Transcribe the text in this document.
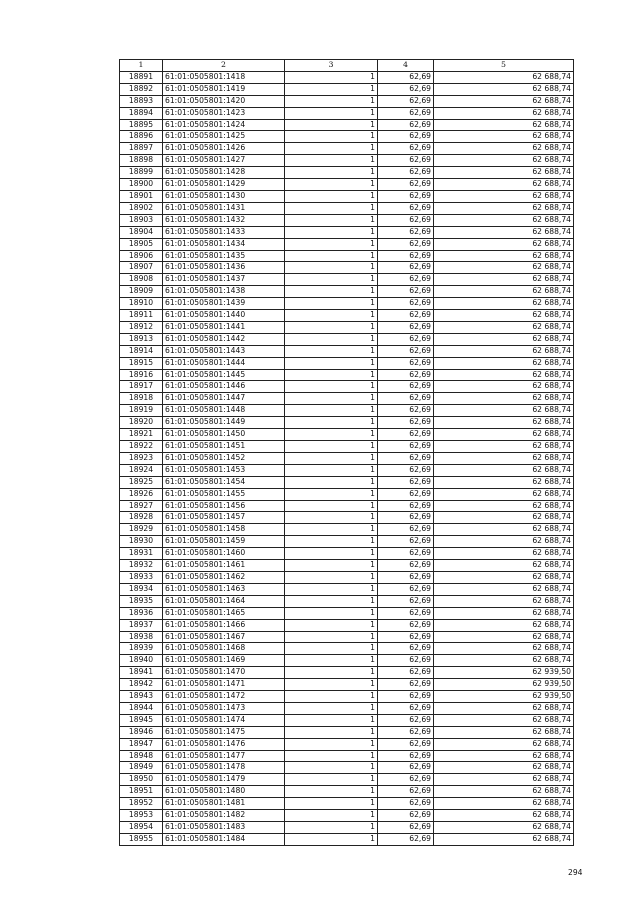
1	2	3	4	5
18891	61:01:0505801:1418	1	62,69	62 688,74
18892	61:01:0505801:1419	1	62,69	62 688,74
18893	61:01:0505801:1420	1	62,69	62 688,74
18894	61:01:0505801:1423	1	62,69	62 688,74
18895	61:01:0505801:1424	1	62,69	62 688,74
18896	61:01:0505801:1425	1	62,69	62 688,74
18897	61:01:0505801:1426	1	62,69	62 688,74
18898	61:01:0505801:1427	1	62,69	62 688,74
18899	61:01:0505801:1428	1	62,69	62 688,74
18900	61:01:0505801:1429	1	62,69	62 688,74
18901	61:01:0505801:1430	1	62,69	62 688,74
18902	61:01:0505801:1431	1	62,69	62 688,74
18903	61:01:0505801:1432	1	62,69	62 688,74
18904	61:01:0505801:1433	1	62,69	62 688,74
18905	61:01:0505801:1434	1	62,69	62 688,74
18906	61:01:0505801:1435	1	62,69	62 688,74
18907	61:01:0505801:1436	1	62,69	62 688,74
18908	61:01:0505801:1437	1	62,69	62 688,74
18909	61:01:0505801:1438	1	62,69	62 688,74
18910	61:01:0505801:1439	1	62,69	62 688,74
18911	61:01:0505801:1440	1	62,69	62 688,74
18912	61:01:0505801:1441	1	62,69	62 688,74
18913	61:01:0505801:1442	1	62,69	62 688,74
18914	61:01:0505801:1443	1	62,69	62 688,74
18915	61:01:0505801:1444	1	62,69	62 688,74
18916	61:01:0505801:1445	1	62,69	62 688,74
18917	61:01:0505801:1446	1	62,69	62 688,74
18918	61:01:0505801:1447	1	62,69	62 688,74
18919	61:01:0505801:1448	1	62,69	62 688,74
18920	61:01:0505801:1449	1	62,69	62 688,74
18921	61:01:0505801:1450	1	62,69	62 688,74
18922	61:01:0505801:1451	1	62,69	62 688,74
18923	61:01:0505801:1452	1	62,69	62 688,74
18924	61:01:0505801:1453	1	62,69	62 688,74
18925	61:01:0505801:1454	1	62,69	62 688,74
18926	61:01:0505801:1455	1	62,69	62 688,74
18927	61:01:0505801:1456	1	62,69	62 688,74
18928	61:01:0505801:1457	1	62,69	62 688,74
18929	61:01:0505801:1458	1	62,69	62 688,74
18930	61:01:0505801:1459	1	62,69	62 688,74
18931	61:01:0505801:1460	1	62,69	62 688,74
18932	61:01:0505801:1461	1	62,69	62 688,74
18933	61:01:0505801:1462	1	62,69	62 688,74
18934	61:01:0505801:1463	1	62,69	62 688,74
18935	61:01:0505801:1464	1	62,69	62 688,74
18936	61:01:0505801:1465	1	62,69	62 688,74
18937	61:01:0505801:1466	1	62,69	62 688,74
18938	61:01:0505801:1467	1	62,69	62 688,74
18939	61:01:0505801:1468	1	62,69	62 688,74
18940	61:01:0505801:1469	1	62,69	62 688,74
18941	61:01:0505801:1470	1	62,69	62 939,50
18942	61:01:0505801:1471	1	62,69	62 939,50
18943	61:01:0505801:1472	1	62,69	62 939,50
18944	61:01:0505801:1473	1	62,69	62 688,74
18945	61:01:0505801:1474	1	62,69	62 688,74
18946	61:01:0505801:1475	1	62,69	62 688,74
18947	61:01:0505801:1476	1	62,69	62 688,74
18948	61:01:0505801:1477	1	62,69	62 688,74
18949	61:01:0505801:1478	1	62,69	62 688,74
18950	61:01:0505801:1479	1	62,69	62 688,74
18951	61:01:0505801:1480	1	62,69	62 688,74
18952	61:01:0505801:1481	1	62,69	62 688,74
18953	61:01:0505801:1482	1	62,69	62 688,74
18954	61:01:0505801:1483	1	62,69	62 688,74
18955	61:01:0505801:1484	1	62,69	62 688,74
294
